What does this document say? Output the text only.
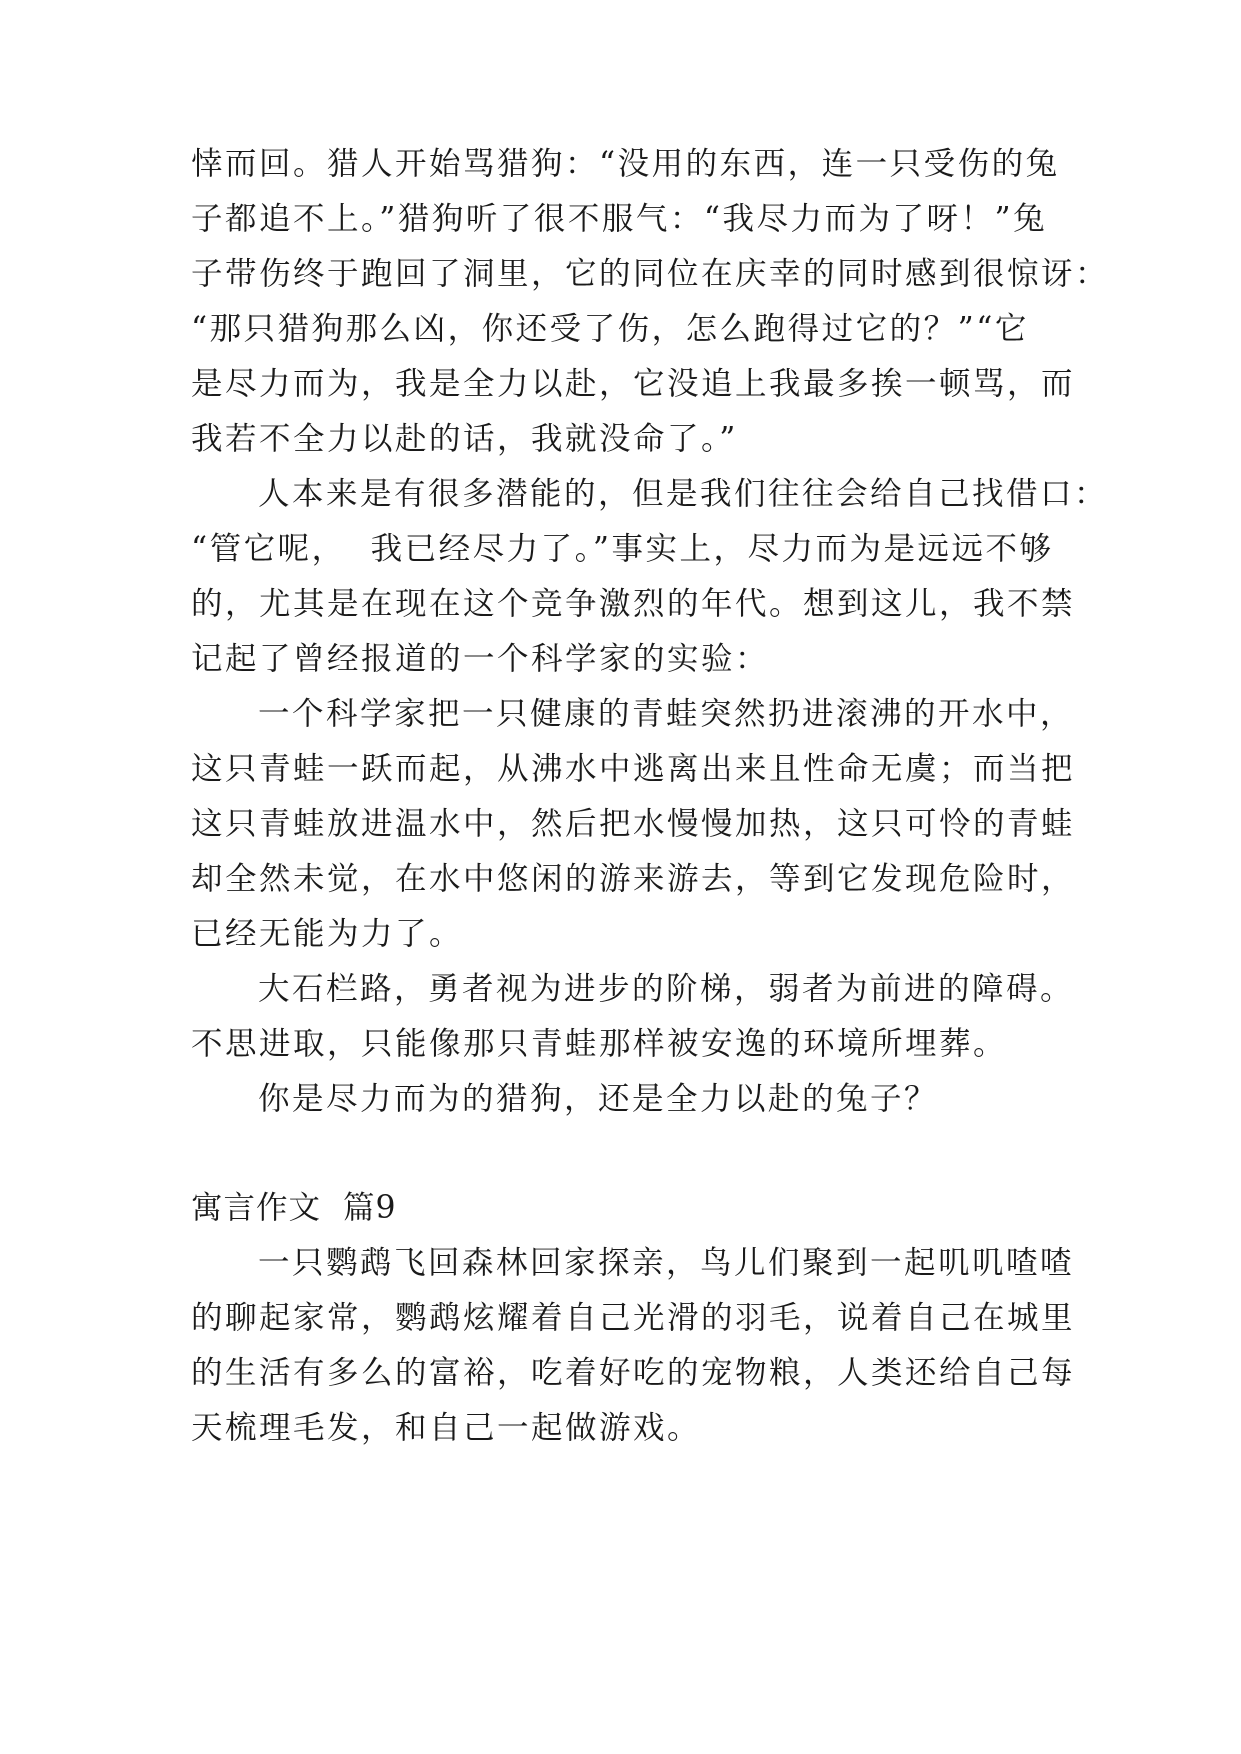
悻而回。猎人开始骂猎狗：“没用的东西，连一只受伤的兔

子都追不上。”猎狗听了很不服气：“我尽力而为了呀！”兔

子带伤终于跑回了洞里，它的同位在庆幸的同时感到很惊讶：

“那只猎狗那么凶，你还受了伤，怎么跑得过它的？”“它

是尽力而为，我是全力以赴，它没追上我最多挨一顿骂，而

我若不全力以赴的话，我就没命了。”

人本来是有很多潜能的，但是我们往往会给自己找借口：

“管它呢，  我已经尽力了。”事实上，尽力而为是远远不够

的，尤其是在现在这个竞争激烈的年代。想到这儿，我不禁

记起了曾经报道的一个科学家的实验：

一个科学家把一只健康的青蛙突然扔进滚沸的开水中，

这只青蛙一跃而起，从沸水中逃离出来且性命无虞；而当把

这只青蛙放进温水中，然后把水慢慢加热，这只可怜的青蛙

却全然未觉，在水中悠闲的游来游去，等到它发现危险时，

已经无能为力了。

大石栏路，勇者视为进步的阶梯，弱者为前进的障碍。

不思进取，只能像那只青蛙那样被安逸的环境所埋葬。

你是尽力而为的猎狗，还是全力以赴的兔子？

寓言作文  篇9

一只鹦鹉飞回森林回家探亲，鸟儿们聚到一起叽叽喳喳

的聊起家常，鹦鹉炫耀着自己光滑的羽毛，说着自己在城里

的生活有多么的富裕，吃着好吃的宠物粮，人类还给自己每

天梳理毛发，和自己一起做游戏。
